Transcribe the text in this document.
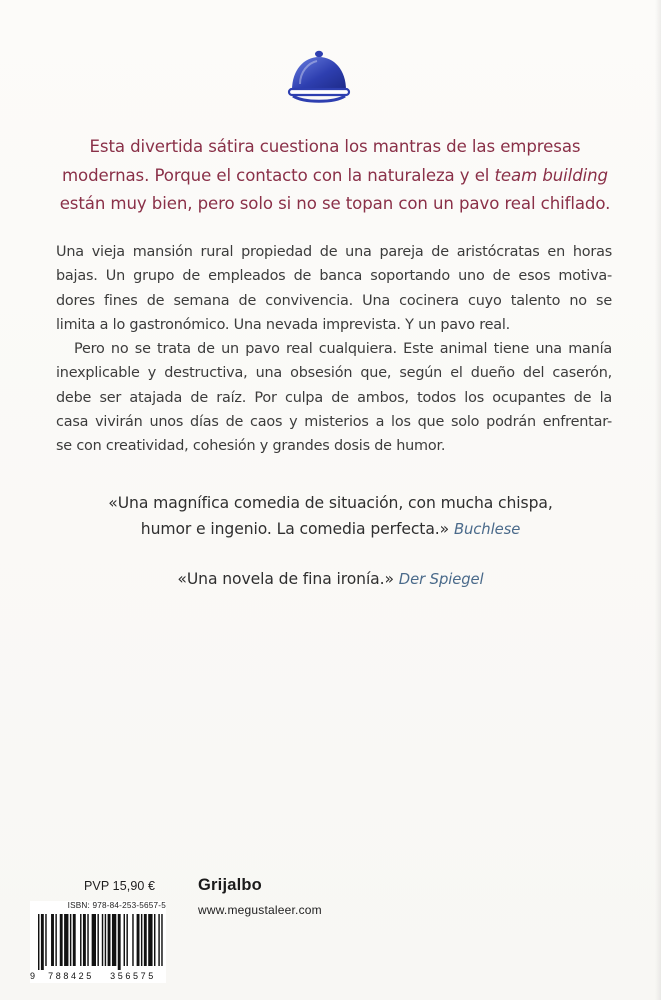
Esta divertida sátira cuestiona los mantras de las empresas
modernas. Porque el contacto con la naturaleza y el team building
están muy bien, pero solo si no se topan con un pavo real chiflado.
Una vieja mansión rural propiedad de una pareja de aristócratas en horas
bajas. Un grupo de empleados de banca soportando uno de esos motiva-
dores fines de semana de convivencia. Una cocinera cuyo talento no se
limita a lo gastronómico. Una nevada imprevista. Y un pavo real.
Pero no se trata de un pavo real cualquiera. Este animal tiene una manía
inexplicable y destructiva, una obsesión que, según el dueño del caserón,
debe ser atajada de raíz. Por culpa de ambos, todos los ocupantes de la
casa vivirán unos días de caos y misterios a los que solo podrán enfrentar-
se con creatividad, cohesión y grandes dosis de humor.
«Una magnífica comedia de situación, con mucha chispa,
humor e ingenio. La comedia perfecta.» Buchlese
«Una novela de fina ironía.» Der Spiegel
PVP 15,90 €
ISBN: 978-84-253-5657-5
9	788425	356575
Grijalbo
www.megustaleer.com
